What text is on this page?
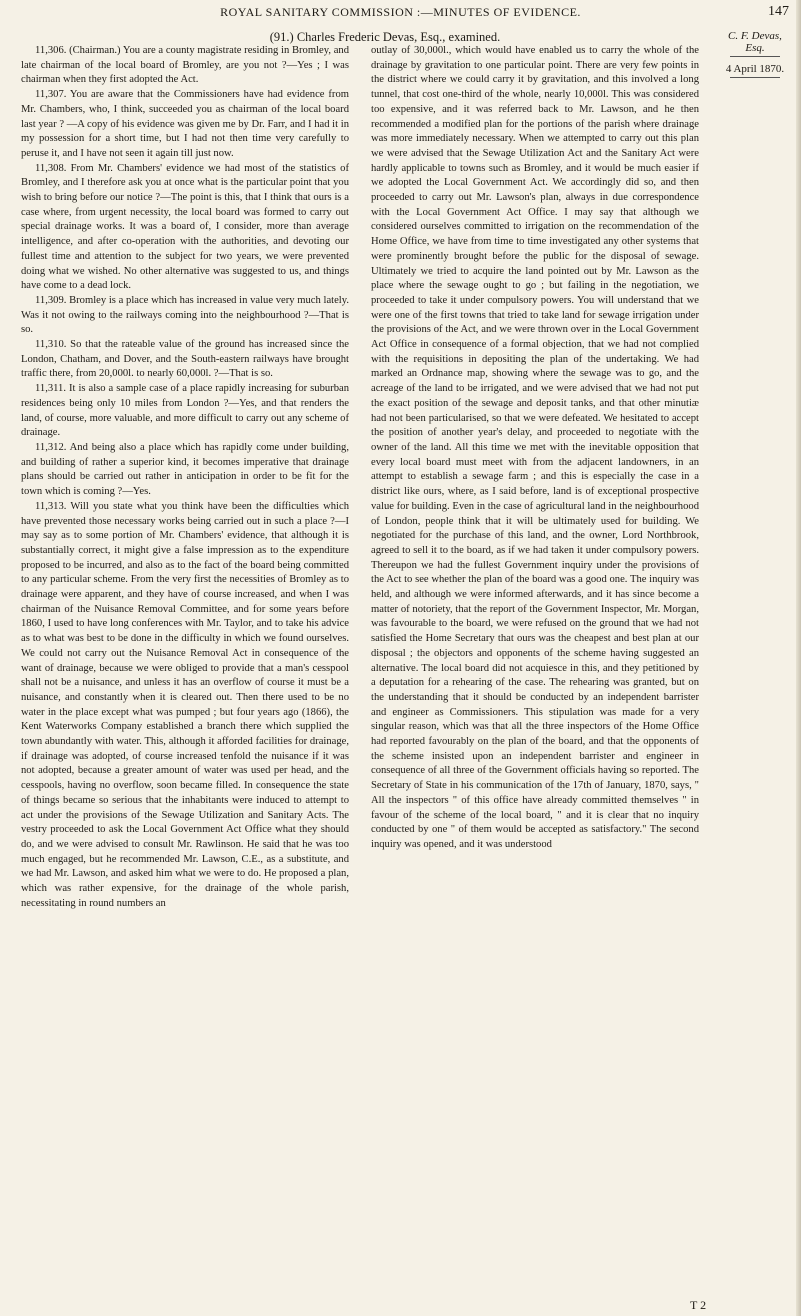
ROYAL SANITARY COMMISSION :—MINUTES OF EVIDENCE.	147
(91.) Charles Frederic Devas, Esq., examined.	C. F. Devas,
Esq.
4 April 1870.

11,306. (Chairman.) You are a county magistrate residing in Bromley, and late chairman of the local board of Bromley, are you not ?—Yes ; I was chairman when they first adopted the Act.

11,307. You are aware that the Commissioners have had evidence from Mr. Chambers, who, I think, succeeded you as chairman of the local board last year ? —A copy of his evidence was given me by Dr. Farr, and I had it in my possession for a short time, but I had not then time very carefully to peruse it, and I have not seen it again till just now.

11,308. From Mr. Chambers' evidence we had most of the statistics of Bromley, and I therefore ask you at once what is the particular point that you wish to bring before our notice ?—The point is this, that I think that ours is a case where, from urgent necessity, the local board was formed to carry out special drainage works. It was a board of, I consider, more than average intelligence, and after co-operation with the authorities, and devoting our fullest time and attention to the subject for two years, we were prevented doing what we wished. No other alternative was suggested to us, and things have come to a dead lock.

11,309. Bromley is a place which has increased in value very much lately. Was it not owing to the railways coming into the neighbourhood ?—That is so.

11,310. So that the rateable value of the ground has increased since the London, Chatham, and Dover, and the South-eastern railways have brought traffic there, from 20,000l. to nearly 60,000l. ?—That is so.

11,311. It is also a sample case of a place rapidly increasing for suburban residences being only 10 miles from London ?—Yes, and that renders the land, of course, more valuable, and more difficult to carry out any scheme of drainage.

11,312. And being also a place which has rapidly come under building, and building of rather a superior kind, it becomes imperative that drainage plans should be carried out rather in anticipation in order to be fit for the town which is coming ?—Yes.

11,313. Will you state what you think have been the difficulties which have prevented those necessary works being carried out in such a place ?—I may say as to some portion of Mr. Chambers' evidence, that although it is substantially correct, it might give a false impression as to the expenditure proposed to be incurred, and also as to the fact of the board being committed to any particular scheme. From the very first the necessities of Bromley as to drainage were apparent, and they have of course increased, and when I was chairman of the Nuisance Removal Committee, and for some years before 1860, I used to have long conferences with Mr. Taylor, and to take his advice as to what was best to be done in the difficulty in which we found ourselves. We could not carry out the Nuisance Removal Act in consequence of the want of drainage, because we were obliged to provide that a man's cesspool shall not be a nuisance, and unless it has an overflow of course it must be a nuisance, and constantly when it is cleared out. Then there used to be no water in the place except what was pumped ; but four years ago (1866), the Kent Waterworks Company established a branch there which supplied the town abundantly with water. This, although it afforded facilities for drainage, if drainage was adopted, of course increased tenfold the nuisance if it was not adopted, because a greater amount of water was used per head, and the cesspools, having no overflow, soon became filled. In consequence the state of things became so serious that the inhabitants were induced to attempt to act under the provisions of the Sewage Utilization and Sanitary Acts. The vestry proceeded to ask the Local Government Act Office what they should do, and we were advised to consult Mr. Rawlinson. He said that he was too much engaged, but he recommended Mr. Lawson, C.E., as a substitute, and we had Mr. Lawson, and asked him what we were to do. He proposed a plan, which was rather expensive, for the drainage of the whole parish, necessitating in round numbers an

outlay of 30,000l., which would have enabled us to carry the whole of the drainage by gravitation to one particular point. There are very few points in the district where we could carry it by gravitation, and this involved a long tunnel, that cost one-third of the whole, nearly 10,000l. This was considered too expensive, and it was referred back to Mr. Lawson, and he then recommended a modified plan for the portions of the parish where drainage was more immediately necessary. When we attempted to carry out this plan we were advised that the Sewage Utilization Act and the Sanitary Act were hardly applicable to towns such as Bromley, and it would be much easier if we adopted the Local Government Act. We accordingly did so, and then proceeded to carry out Mr. Lawson's plan, always in due correspondence with the Local Government Act Office. I may say that although we considered ourselves committed to irrigation on the recommendation of the Home Office, we have from time to time investigated any other systems that were prominently brought before the public for the disposal of sewage. Ultimately we tried to acquire the land pointed out by Mr. Lawson as the place where the sewage ought to go ; but failing in the negotiation, we proceeded to take it under compulsory powers. You will understand that we were one of the first towns that tried to take land for sewage irrigation under the provisions of the Act, and we were thrown over in the Local Government Act Office in consequence of a formal objection, that we had not complied with the requisitions in depositing the plan of the undertaking. We had marked an Ordnance map, showing where the sewage was to go, and the acreage of the land to be irrigated, and we were advised that we had not put the exact position of the sewage and deposit tanks, and that other minutiæ had not been particularised, so that we were defeated. We hesitated to accept the position of another year's delay, and proceeded to negotiate with the owner of the land. All this time we met with the inevitable opposition that every local board must meet with from the adjacent landowners, in an attempt to establish a sewage farm ; and this is especially the case in a district like ours, where, as I said before, land is of exceptional prospective value for building. Even in the case of agricultural land in the neighbourhood of London, people think that it will be ultimately used for building. We negotiated for the purchase of this land, and the owner, Lord Northbrook, agreed to sell it to the board, as if we had taken it under compulsory powers. Thereupon we had the fullest Government inquiry under the provisions of the Act to see whether the plan of the board was a good one. The inquiry was held, and although we were informed afterwards, and it has since become a matter of notoriety, that the report of the Government Inspector, Mr. Morgan, was favourable to the board, we were refused on the ground that we had not satisfied the Home Secretary that ours was the cheapest and best plan at our disposal ; the objectors and opponents of the scheme having suggested an alternative. The local board did not acquiesce in this, and they petitioned by a deputation for a rehearing of the case. The rehearing was granted, but on the understanding that it should be conducted by an independent barrister and engineer as Commissioners. This stipulation was made for a very singular reason, which was that all the three inspectors of the Home Office had reported favourably on the plan of the board, and that the opponents of the scheme insisted upon an independent barrister and engineer in consequence of all three of the Government officials having so reported. The Secretary of State in his communication of the 17th of January, 1870, says, " All the inspectors " of this office have already committed themselves " in favour of the scheme of the local board, " and it is clear that no inquiry conducted by one " of them would be accepted as satisfactory." The second inquiry was opened, and it was understood

T 2
